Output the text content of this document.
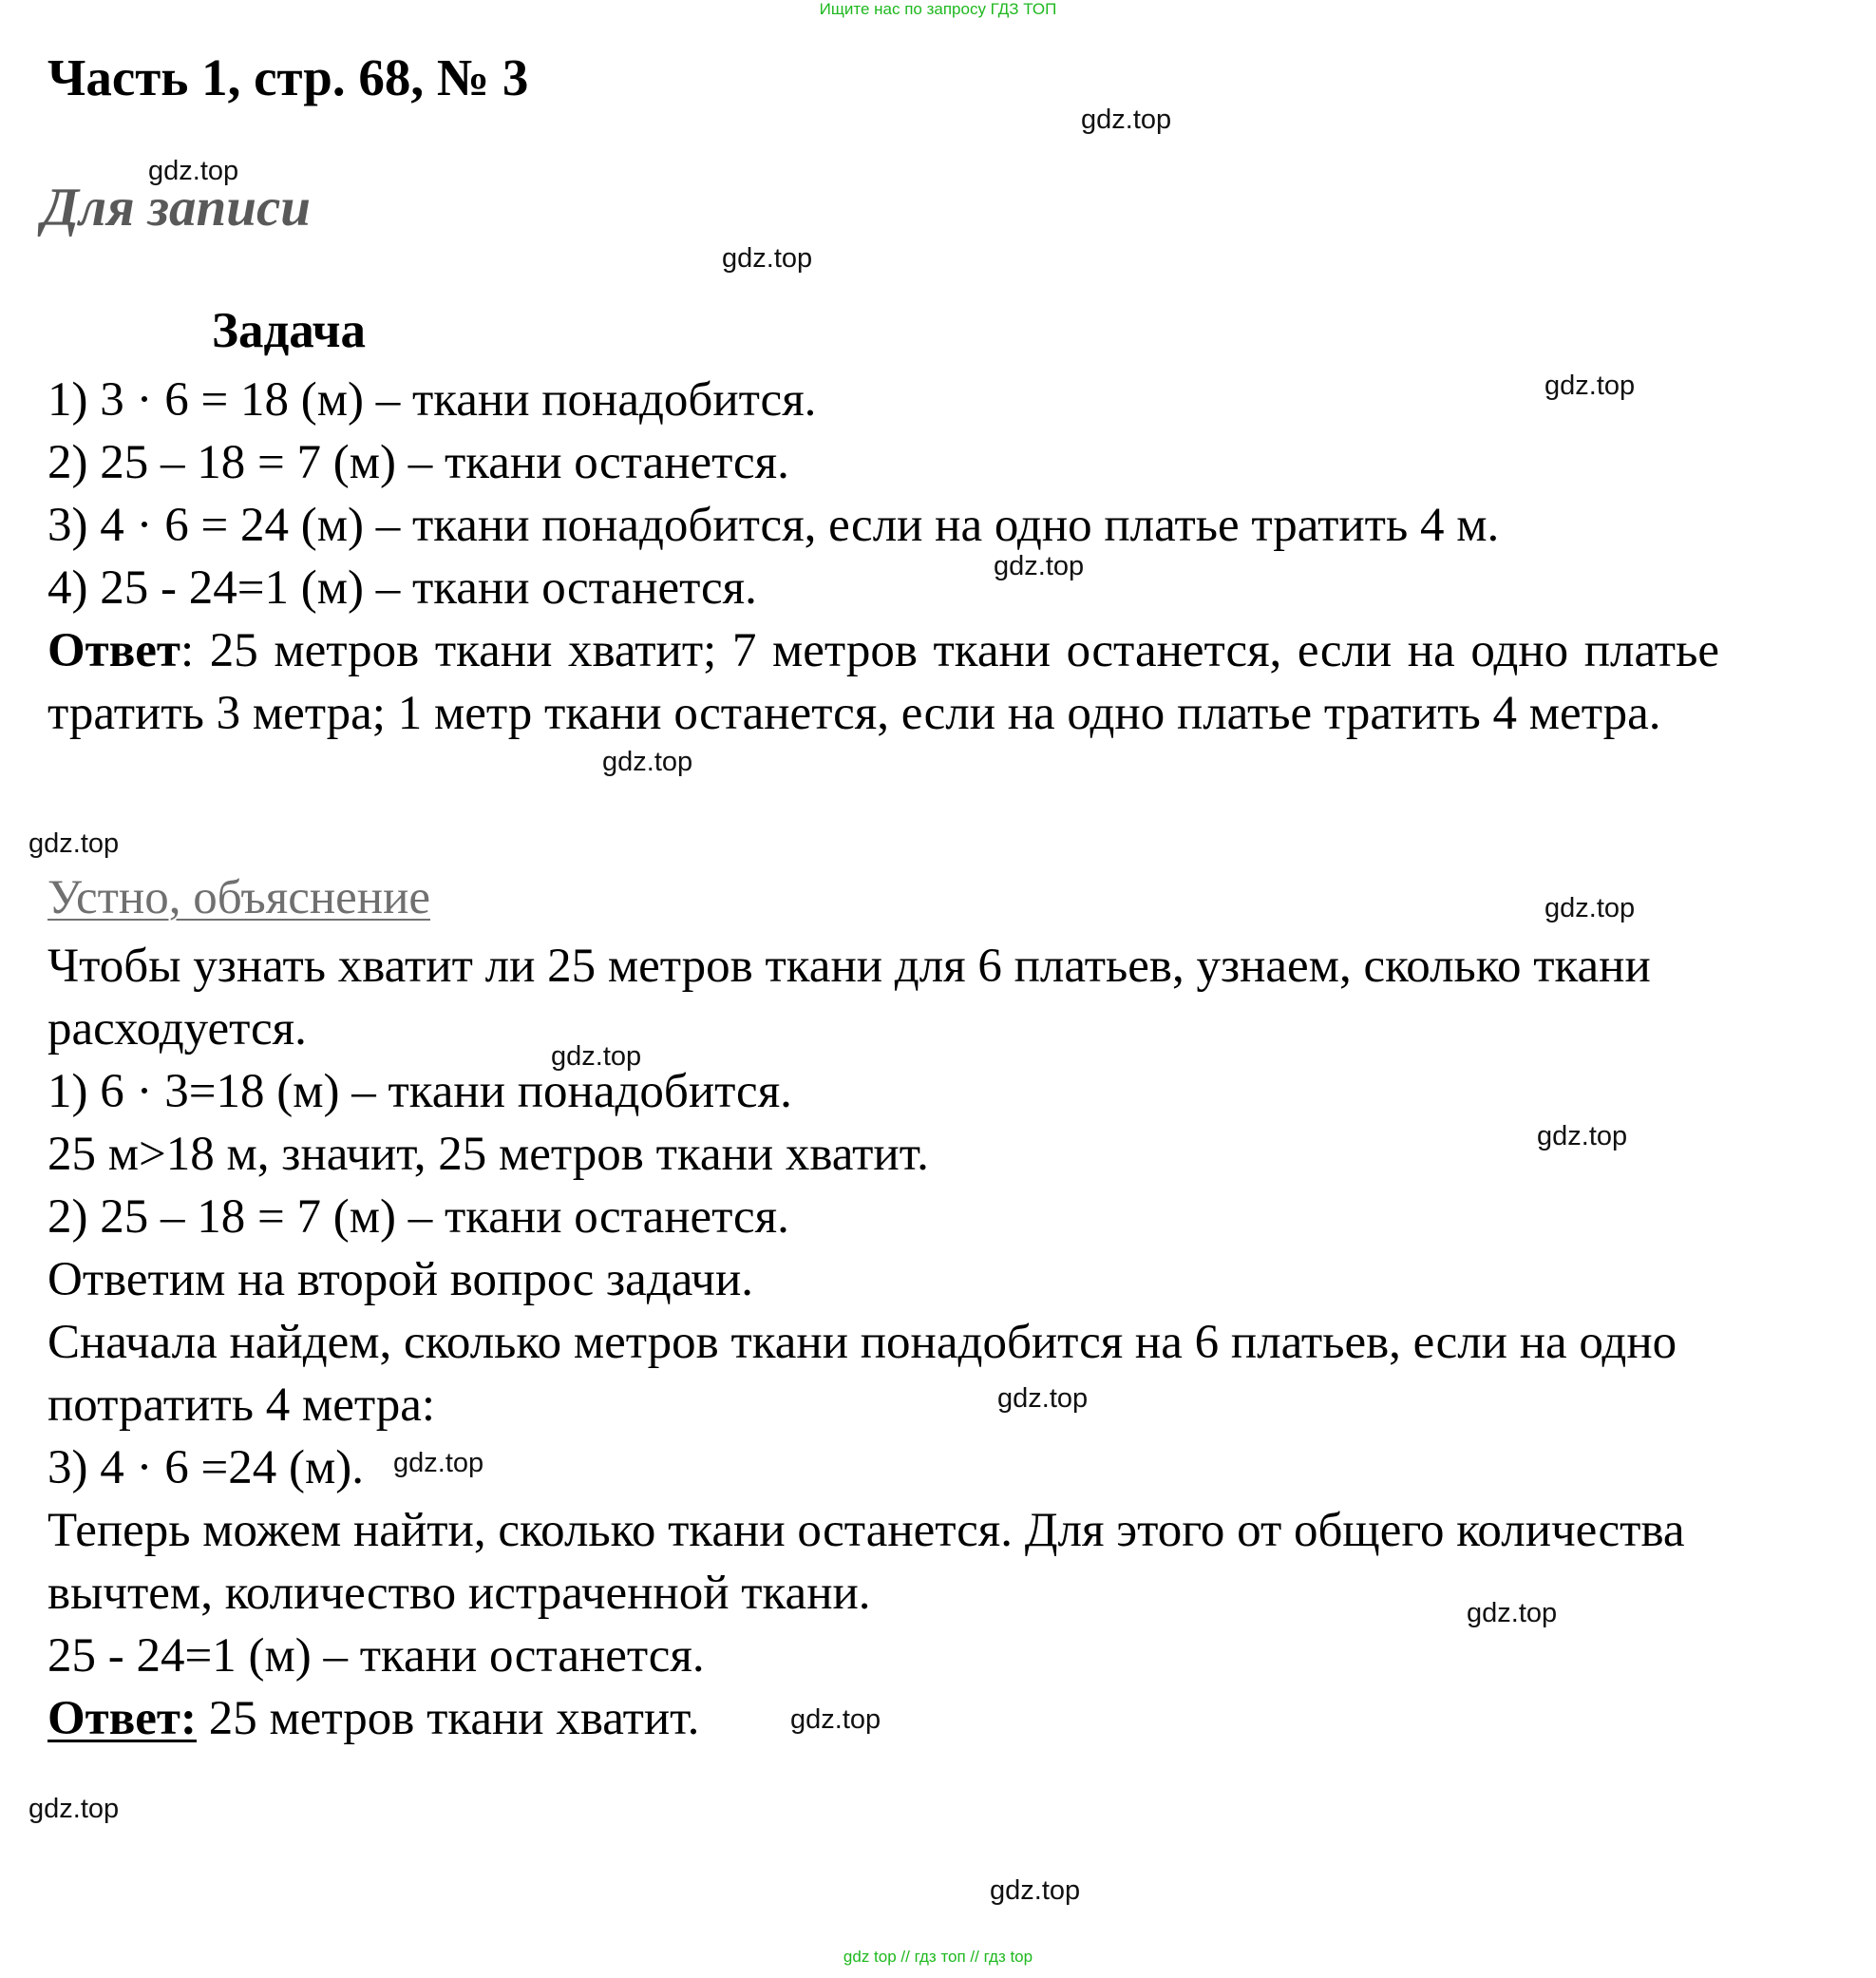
Ищите нас по запросу ГДЗ ТОП
Часть 1, стр. 68, № 3
Для записи
Задача
1) 3 · 6 = 18 (м) – ткани понадобится.
2) 25 – 18 = 7 (м) – ткани останется.
3) 4 · 6 = 24 (м) – ткани понадобится, если на одно платье тратить 4 м.
4) 25 - 24=1 (м) – ткани останется.
Ответ: 25 метров ткани хватит; 7 метров ткани останется, если на одно платье тратить 3 метра; 1 метр ткани останется, если на одно платье тратить 4 метра.
Устно, объяснение
Чтобы узнать хватит ли 25 метров ткани для 6 платьев, узнаем, сколько ткани расходуется.
1) 6 · 3=18 (м) – ткани понадобится.
25 м>18 м, значит, 25 метров ткани хватит.
2) 25 – 18 = 7 (м) – ткани останется.
Ответим на второй вопрос задачи.
Сначала найдем, сколько метров ткани понадобится на 6 платьев, если на одно потратить 4 метра:
3) 4 · 6 =24 (м).
Теперь можем найти, сколько ткани останется. Для этого от общего количества вычтем, количество истраченной ткани.
25 - 24=1 (м) – ткани останется.
Ответ: 25 метров ткани хватит.
gdz.top
gdz.top
gdz.top
gdz.top
gdz.top
gdz.top
gdz.top
gdz.top
gdz.top
gdz.top
gdz.top
gdz.top
gdz.top
gdz.top
gdz.top
gdz.top
gdz top // гдз топ // гдз top
